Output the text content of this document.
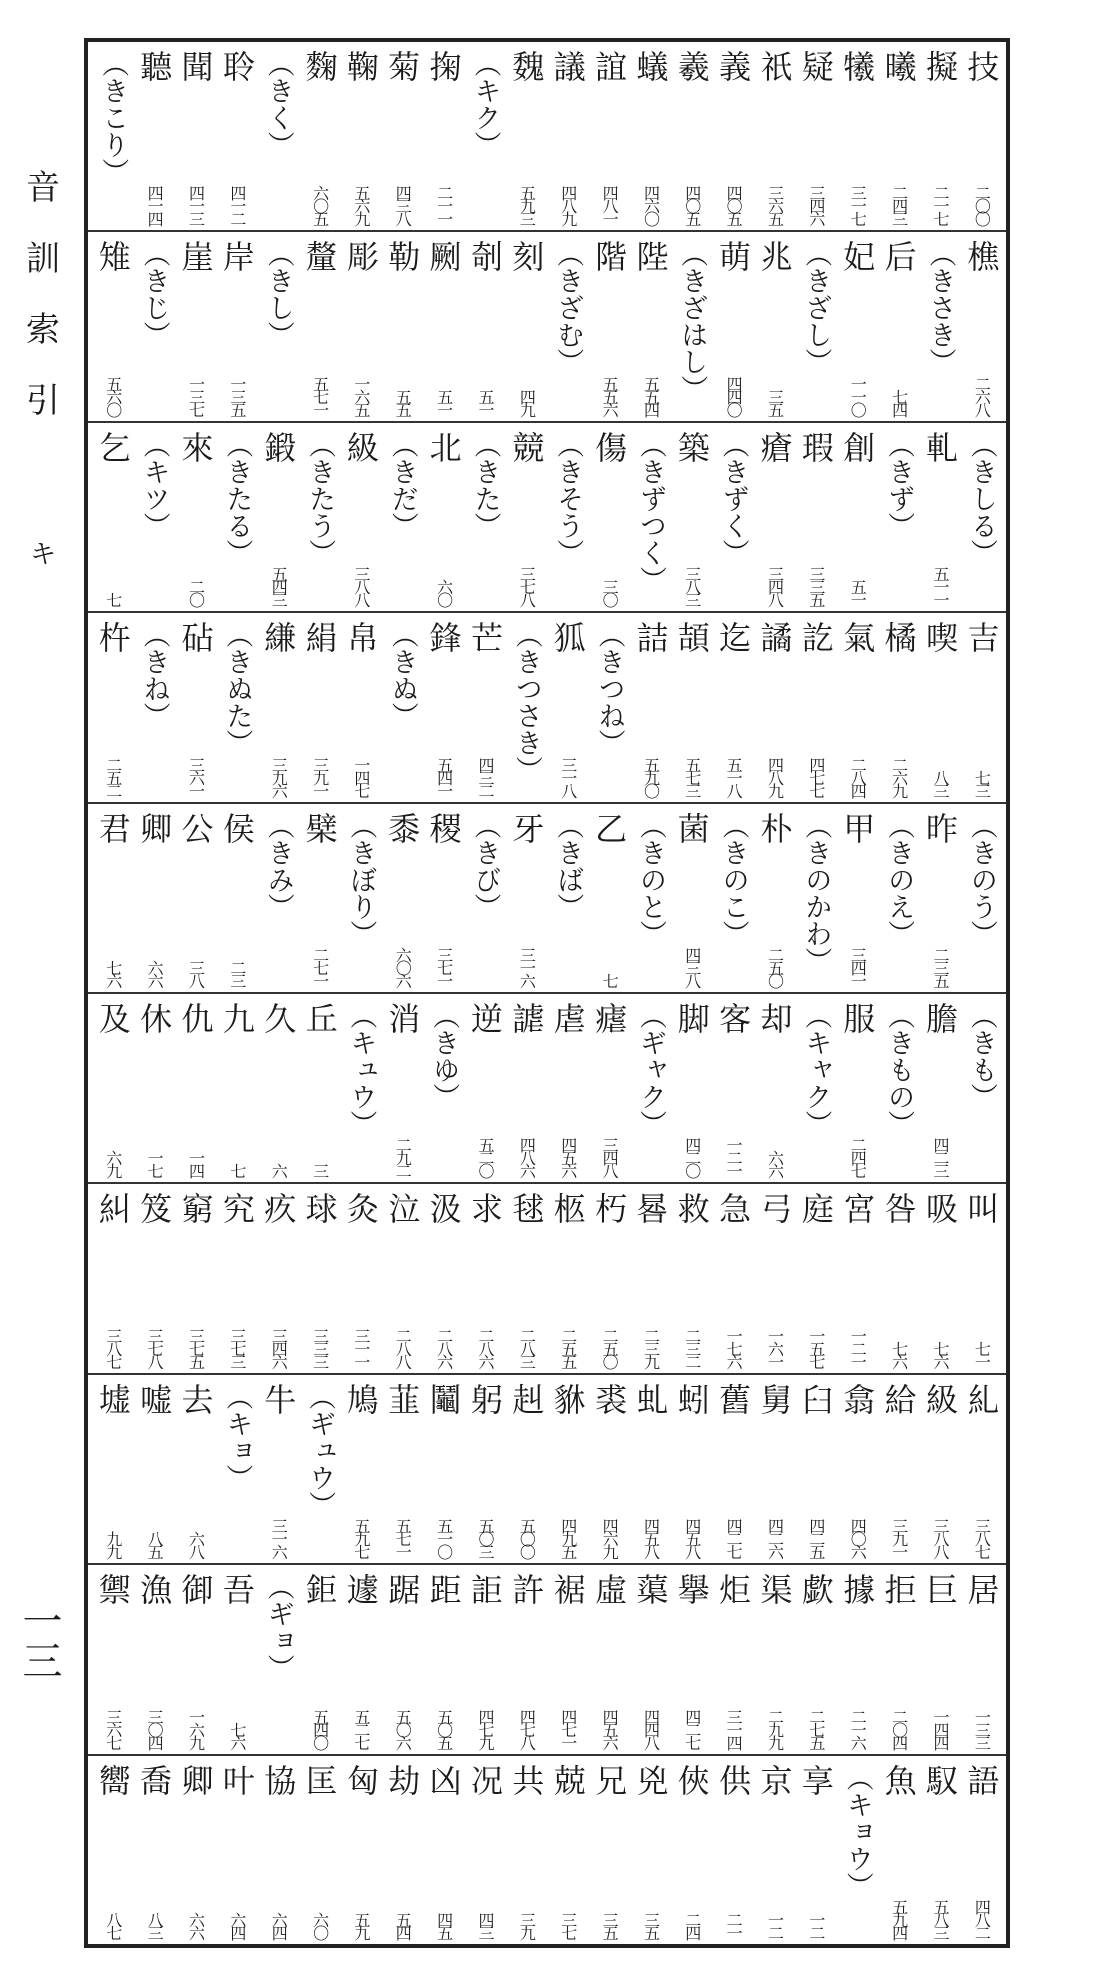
音
訓
索
引
キ
一三
技
二〇〇
擬
二一七
曦
二四三
犧
三一七
疑
三四六
祇
三六五
義
四〇五
羲
四〇五
蟻
四六〇
誼
四八一
議
四八九
魏
五九三
（キク）
掬
二一一
菊
四三八
鞠
五六九
麴
六〇五
（きく）
聆
四一二
聞
四一三
聽
四一四
（きこり）
樵
二六八
（きさき）
后
七四
妃
一一〇
（きざし）
兆
三五
萌
四四〇
（きざはし）
陛
五五四
階
五五六
（きざむ）
刻
四九
剞
五一
劂
五一
勒
五五
彫
一六五
釐
五七一
（きし）
岸
一三五
崖
一三七
（きじ）
雉
五六〇
（きしる）
軋
五一一
（きず）
創
五一
瑕
三三五
瘡
三四八
（きずく）
築
三八三
（きずつく）
傷
三〇
（きそう）
競
三七八
（きた）
北
六〇
（きだ）
級
三八八
（きたう）
鍛
五四三
（きたる）
來
二〇
（キツ）
乞
七
吉
七三
喫
八三
橘
二六九
氣
二八四
訖
四七七
譎
四八九
迄
五一八
頡
五七三
詰
五九〇
（きつね）
狐
三一八
（きつさき）
芒
四三二
鋒
五四一
（きぬ）
帛
一四七
絹
三九一
縑
三九六
（きぬた）
砧
三六一
（きね）
杵
二五二
（きのう）
昨
二三五
（きのえ）
甲
三四一
（きのかわ）
朴
二五〇
（きのこ）
菌
四三八
（きのと）
乙
七
（きば）
牙
三一六
（きび）
稷
三七一
黍
六〇六
（きぼり）
檗
二七一
（きみ）
侯
二三
公
三八
卿
六六
君
七六
（きも）
膽
四二三
（きもの）
服
二四七
（キャク）
却
六六
客
一二一
脚
四二〇
（ギャク）
瘧
三四八
虐
四五六
謔
四八六
逆
五二〇
（きゆ）
消
二九二
（キュウ）
丘
三
久
六
九
七
仇
一四
休
一七
及
六九
叫
七一
吸
七六
咎
七六
宮
一二一
庭
一五七
弓
一六一
急
一七六
救
二三二
晷
二三九
朽
二五〇
柩
二五五
毬
二八三
求
二八六
汲
二八六
泣
二八八
灸
三一一
球
三三三
疚
三四六
究
三七三
窮
三七五
笈
三七八
糾
三八七
糺
三八七
級
三八八
給
三九一
翕
四〇六
臼
四二五
舅
四二六
舊
四二七
蚓
四五八
虬
四五八
裘
四六九
貅
四九五
赳
五〇〇
躬
五〇三
鬮
五一〇
韮
五七一
鳩
五九七
（ギュウ）
牛
三一六
（キョ）
去
六八
嘘
八五
墟
九九
居
一三三
巨
一四四
拒
二〇四
據
二一六
歔
二七五
渠
二九九
炬
三一四
擧
四二七
蕖
四四八
虛
四五六
裾
四七一
許
四七八
詎
四七九
距
五〇五
踞
五〇六
遽
五二七
鉅
五四〇
（ギョ）
吾
七六
御
一六九
漁
三〇四
禦
三六七
語
四八二
馭
五八三
魚
五九四
（キョウ）
享
一二
京
一二
供
二一
俠
二四
兇
三五
兄
三五
兢
三七
共
三九
况
四三
凶
四五
劫
五四
匈
五九
匡
六〇
協
六四
叶
六四
卿
六六
喬
八三
嚮
八七
